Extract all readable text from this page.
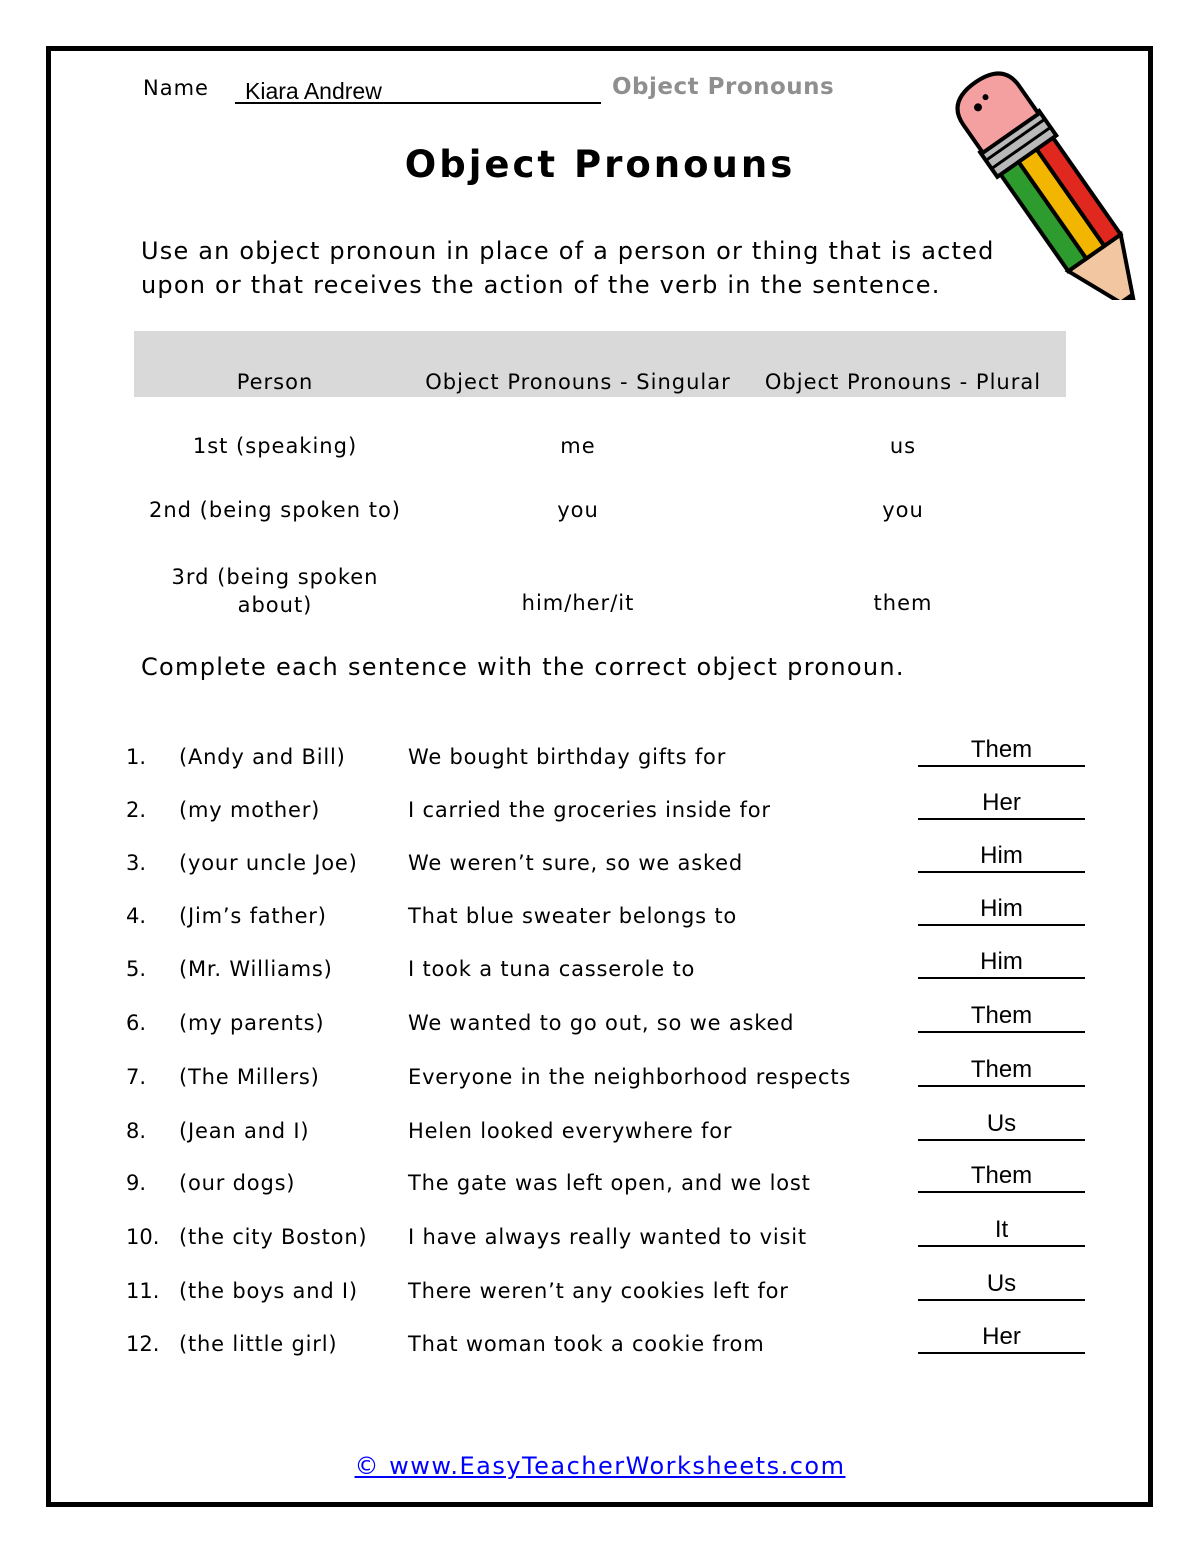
Name Kiara Andrew	Object Pronouns
Object Pronouns
Use an object pronoun in place of a person or thing that is acted upon or that receives the action of the verb in the sentence.
Person	Object Pronouns - Singular	Object Pronouns - Plural
1st (speaking)	me	us
2nd (being spoken to)	you	you
3rd (being spoken about)	him/her/it	them
Complete each sentence with the correct object pronoun.
1. (Andy and Bill)	We bought birthday gifts for	Them
2. (my mother)	I carried the groceries inside for	Her
3. (your uncle Joe) We weren’t sure, so we asked	Him
4. (Jim’s father)	That blue sweater belongs to	Him
5. (Mr. Williams)	I took a tuna casserole to	Him
6. (my parents)	We wanted to go out, so we asked	Them
7. (The Millers)	Everyone in the neighborhood respects	Them
8. (Jean and I)	Helen looked everywhere for	Us
9. (our dogs)	The gate was left open, and we lost	Them
10. (the city Boston) I have always really wanted to visit	It
11. (the boys and I) There weren’t any cookies left for	Us
12. (the little girl)	That woman took a cookie from	Her
© www.EasyTeacherWorksheets.com
